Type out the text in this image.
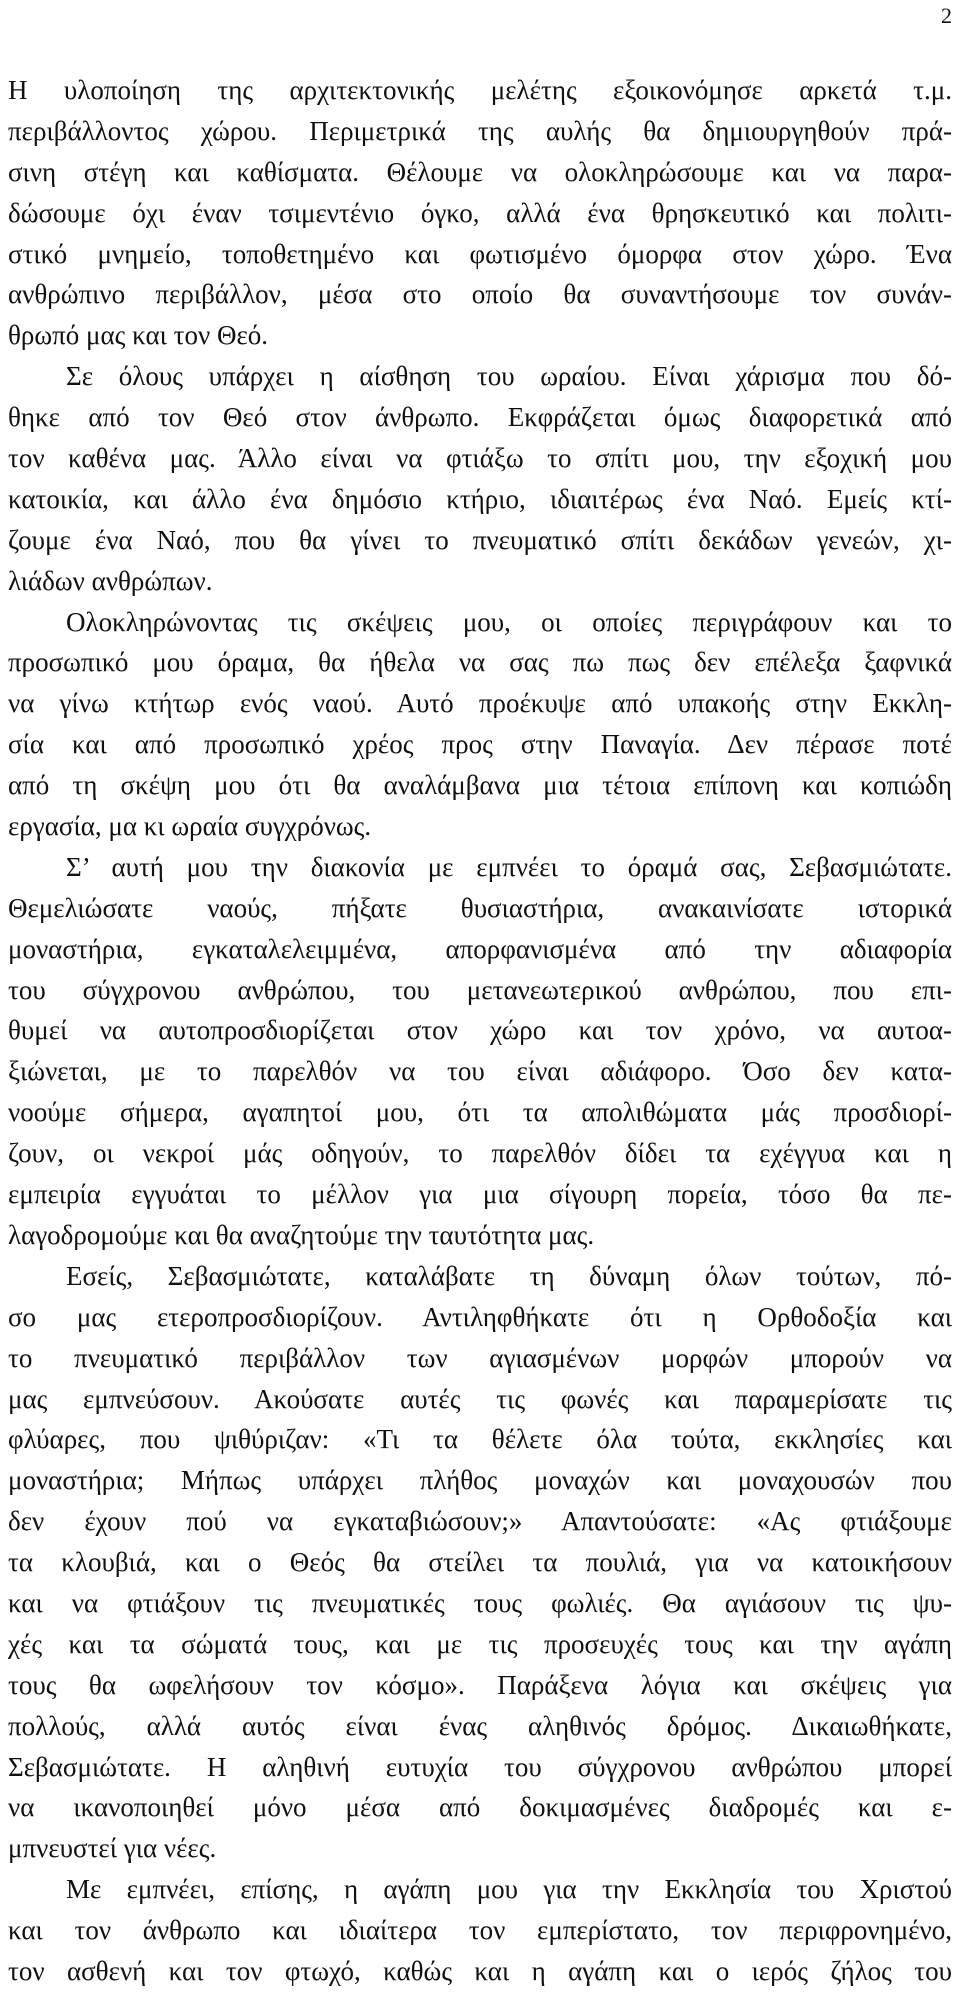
2
Η υλοποίηση της αρχιτεκτονικής μελέτης εξοικονόμησε αρκετά τ.μ.
περιβάλλοντος χώρου. Περιμετρικά της αυλής θα δημιουργηθούν πρά-
σινη στέγη και καθίσματα. Θέλουμε να ολοκληρώσουμε και να παρα-
δώσουμε όχι έναν τσιμεντένιο όγκο, αλλά ένα θρησκευτικό και πολιτι-
στικό μνημείο, τοποθετημένο και φωτισμένο όμορφα στον χώρο. Ένα
ανθρώπινο περιβάλλον, μέσα στο οποίο θα συναντήσουμε τον συνάν-
θρωπό μας και τον Θεό.
Σε όλους υπάρχει η αίσθηση του ωραίου. Είναι χάρισμα που δό-
θηκε από τον Θεό στον άνθρωπο. Εκφράζεται όμως διαφορετικά από
τον καθένα μας. Άλλο είναι να φτιάξω το σπίτι μου, την εξοχική μου
κατοικία, και άλλο ένα δημόσιο κτήριο, ιδιαιτέρως ένα Ναό. Εμείς κτί-
ζουμε ένα Ναό, που θα γίνει το πνευματικό σπίτι δεκάδων γενεών, χι-
λιάδων ανθρώπων.
Ολοκληρώνοντας τις σκέψεις μου, οι οποίες περιγράφουν και το
προσωπικό μου όραμα, θα ήθελα να σας πω πως δεν επέλεξα ξαφνικά
να γίνω κτήτωρ ενός ναού. Αυτό προέκυψε από υπακοής στην Εκκλη-
σία και από προσωπικό χρέος προς στην Παναγία. Δεν πέρασε ποτέ
από τη σκέψη μου ότι θα αναλάμβανα μια τέτοια επίπονη και κοπιώδη
εργασία, μα κι ωραία συγχρόνως.
Σ’ αυτή μου την διακονία με εμπνέει το όραμά σας, Σεβασμιώτατε.
Θεμελιώσατε ναούς, πήξατε θυσιαστήρια, ανακαινίσατε ιστορικά
μοναστήρια, εγκαταλελειμμένα, απορφανισμένα από την αδιαφορία
του σύγχρονου ανθρώπου, του μετανεωτερικού ανθρώπου, που επι-
θυμεί να αυτοπροσδιορίζεται στον χώρο και τον χρόνο, να αυτοα-
ξιώνεται, με το παρελθόν να του είναι αδιάφορο. Όσο δεν κατα-
νοούμε σήμερα, αγαπητοί μου, ότι τα απολιθώματα μάς προσδιορί-
ζουν, οι νεκροί μάς οδηγούν, το παρελθόν δίδει τα εχέγγυα και η
εμπειρία εγγυάται το μέλλον για μια σίγουρη πορεία, τόσο θα πε-
λαγοδρομούμε και θα αναζητούμε την ταυτότητα μας.
Εσείς, Σεβασμιώτατε, καταλάβατε τη δύναμη όλων τούτων, πό-
σο μας ετεροπροσδιορίζουν. Αντιληφθήκατε ότι η Ορθοδοξία και
το πνευματικό περιβάλλον των αγιασμένων μορφών μπορούν να
μας εμπνεύσουν. Ακούσατε αυτές τις φωνές και παραμερίσατε τις
φλύαρες, που ψιθύριζαν: «Τι τα θέλετε όλα τούτα, εκκλησίες και
μοναστήρια; Μήπως υπάρχει πλήθος μοναχών και μοναχουσών που
δεν έχουν πού να εγκαταβιώσουν;» Απαντούσατε: «Ας φτιάξουμε
τα κλουβιά, και ο Θεός θα στείλει τα πουλιά, για να κατοικήσουν
και να φτιάξουν τις πνευματικές τους φωλιές. Θα αγιάσουν τις ψυ-
χές και τα σώματά τους, και με τις προσευχές τους και την αγάπη
τους θα ωφελήσουν τον κόσμο». Παράξενα λόγια και σκέψεις για
πολλούς, αλλά αυτός είναι ένας αληθινός δρόμος. Δικαιωθήκατε,
Σεβασμιώτατε. Η αληθινή ευτυχία του σύγχρονου ανθρώπου μπορεί
να ικανοποιηθεί μόνο μέσα από δοκιμασμένες διαδρομές και ε-
μπνευστεί για νέες.
Με εμπνέει, επίσης, η αγάπη μου για την Εκκλησία του Χριστού
και τον άνθρωπο και ιδιαίτερα τον εμπερίστατο, τον περιφρονημένο,
τον ασθενή και τον φτωχό, καθώς και η αγάπη και ο ιερός ζήλος του
